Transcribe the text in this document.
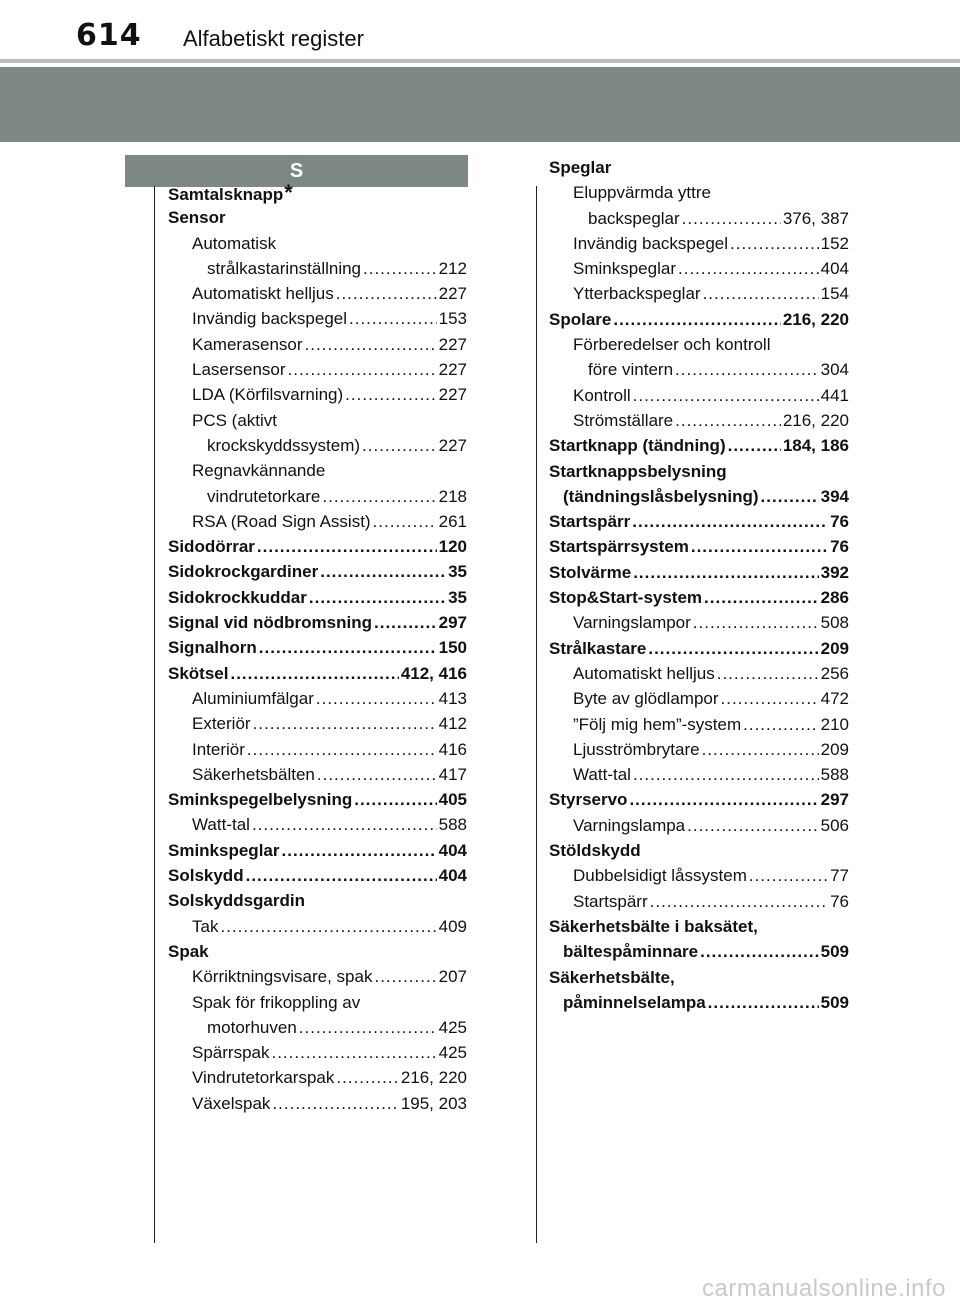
614 Alfabetiskt register
S
Samtalsknapp *
Sensor
Automatisk
strålkastarinställning .....	212
Automatiskt helljus .....	227
Invändig backspegel .....	153
Kamerasensor .....	227
Lasersensor .....	227
LDA (Körfilsvarning) .....	227
PCS (aktivt
krockskyddssystem) .....	227
Regnavkännande
vindrutetorkare .....	218
RSA (Road Sign Assist) .....	261
Sidodörrar .....	120
Sidokrockgardiner .....	35
Sidokrockkuddar .....	35
Signal vid nödbromsning .....	297
Signalhorn .....	150
Skötsel .....	412, 416
Aluminiumfälgar .....	413
Exteriör .....	412
Interiör .....	416
Säkerhetsbälten .....	417
Sminkspegelbelysning .....	405
Watt-tal .....	588
Sminkspeglar .....	404
Solskydd .....	404
Solskyddsgardin
Tak .....	409
Spak
Körriktningsvisare, spak .....	207
Spak för frikoppling av
motorhuven .....	425
Spärrspak .....	425
Vindrutetorkarspak .....	216, 220
Växelspak .....	195, 203
Speglar
Eluppvärmda yttre
backspeglar .....	376, 387
Invändig backspegel .....	152
Sminkspeglar .....	404
Ytterbackspeglar .....	154
Spolare .....	216, 220
Förberedelser och kontroll
före vintern .....	304
Kontroll .....	441
Strömställare .....	216, 220
Startknapp (tändning) .....	184, 186
Startknappsbelysning
(tändningslåsbelysning) .....	394
Startspärr .....	76
Startspärrsystem .....	76
Stolvärme .....	392
Stop&Start-system .....	286
Varningslampor .....	508
Strålkastare .....	209
Automatiskt helljus .....	256
Byte av glödlampor .....	472
”Följ mig hem”-system .....	210
Ljusströmbrytare .....	209
Watt-tal .....	588
Styrservo .....	297
Varningslampa .....	506
Stöldskydd
Dubbelsidigt låssystem .....	77
Startspärr .....	76
Säkerhetsbälte i baksätet,
bältespåminnare .....	509
Säkerhetsbälte,
påminnelselampa .....	509
carmanualsonline.info
